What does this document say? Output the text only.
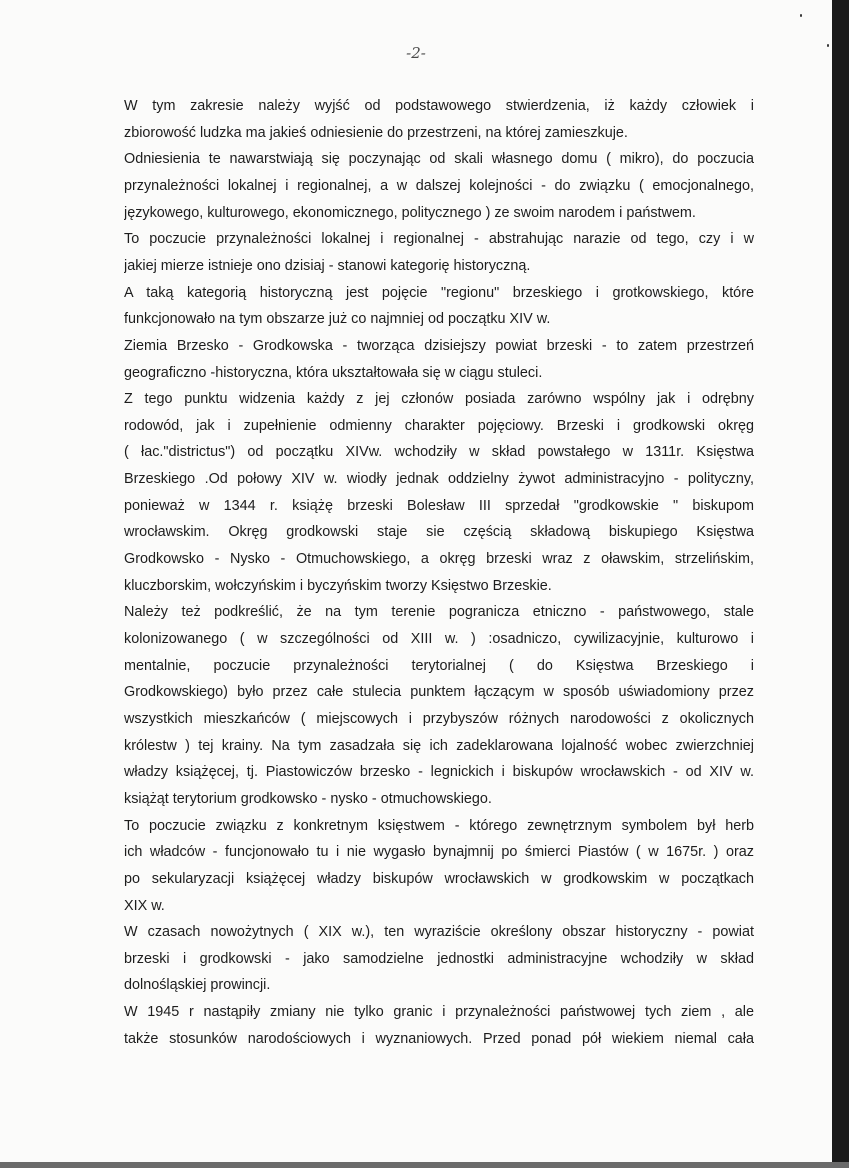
-2-
W tym zakresie należy wyjść od podstawowego stwierdzenia, iż każdy człowiek i
zbiorowość ludzka ma jakieś odniesienie do przestrzeni, na której zamieszkuje.
Odniesienia te nawarstwiają się poczynając od skali własnego domu ( mikro), do poczucia
przynależności lokalnej i regionalnej, a w dalszej kolejności - do związku ( emocjonalnego,
językowego, kulturowego, ekonomicznego, politycznego ) ze swoim narodem i państwem.
To poczucie przynależności lokalnej i regionalnej - abstrahując narazie od tego, czy i w
jakiej mierze istnieje ono dzisiaj - stanowi kategorię historyczną.
A taką kategorią historyczną jest pojęcie "regionu" brzeskiego i grotkowskiego, które
funkcjonowało na tym obszarze już co najmniej od początku XIV w.
Ziemia Brzesko - Grodkowska - tworząca dzisiejszy powiat brzeski - to zatem przestrzeń
geograficzno -historyczna, która ukształtowała się w ciągu stuleci.
Z tego punktu widzenia każdy z jej członów posiada zarówno wspólny jak i odrębny
rodowód, jak i zupełnienie odmienny charakter pojęciowy. Brzeski i grodkowski okręg
( łac."districtus") od początku XIVw. wchodziły w skład powstałego w 1311r. Księstwa
Brzeskiego .Od połowy XIV w. wiodły jednak oddzielny żywot administracyjno - polityczny,
ponieważ w 1344 r. książę brzeski Bolesław III sprzedał "grodkowskie " biskupom
wrocławskim. Okręg grodkowski staje sie częścią składową biskupiego Księstwa
Grodkowsko - Nysko - Otmuchowskiego, a okręg brzeski wraz z oławskim, strzelińskim,
kluczborskim, wołczyńskim i byczyńskim tworzy Księstwo Brzeskie.
Należy też podkreślić, że na tym terenie pogranicza etniczno - państwowego, stale
kolonizowanego ( w szczególności od XIII w. ) :osadniczo, cywilizacyjnie, kulturowo i
mentalnie, poczucie przynależności terytorialnej ( do Księstwa Brzeskiego i
Grodkowskiego) było przez całe stulecia punktem łączącym w sposób uświadomiony przez
wszystkich mieszkańców ( miejscowych i przybyszów różnych narodowości z okolicznych
królestw ) tej krainy. Na tym zasadzała się ich zadeklarowana lojalność wobec zwierzchniej
władzy książęcej, tj. Piastowiczów brzesko - legnickich i biskupów wrocławskich - od XIV w.
książąt terytorium grodkowsko - nysko - otmuchowskiego.
To poczucie związku z konkretnym księstwem - którego zewnętrznym symbolem był herb
ich władców - funcjonowało tu i nie wygasło bynajmnij po śmierci Piastów ( w 1675r. ) oraz
po sekularyzacji książęcej władzy biskupów wrocławskich w grodkowskim w początkach
XIX w.
W czasach nowożytnych ( XIX w.), ten wyraziście określony obszar historyczny - powiat
brzeski i grodkowski - jako samodzielne jednostki administracyjne wchodziły w skład
dolnośląskiej prowincji.
W 1945 r nastąpiły zmiany nie tylko granic i przynależności państwowej tych ziem , ale
także stosunków narodościowych i wyznaniowych. Przed ponad pół wiekiem niemal cała
